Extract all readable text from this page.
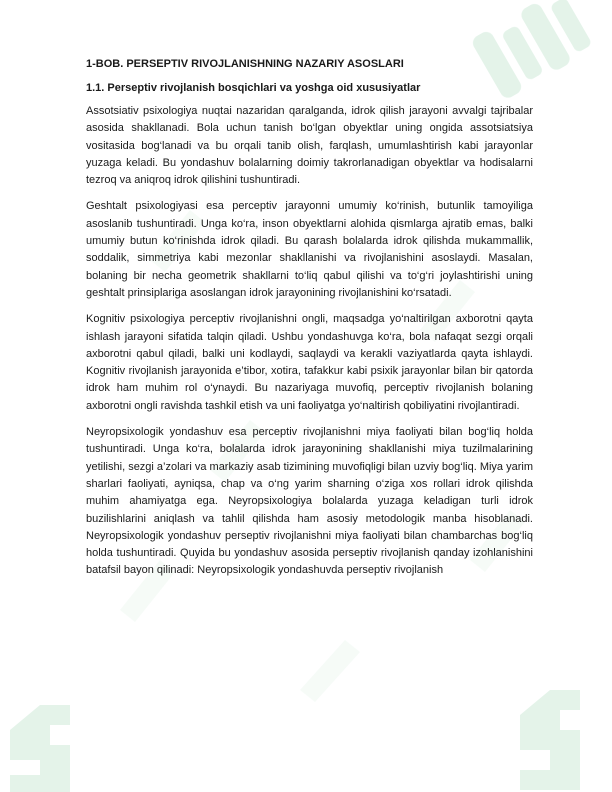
1-BOB. PERSEPTIV RIVOJLANISHNING NAZARIY ASOSLARI
1.1. Perseptiv rivojlanish bosqichlari va yoshga oid xususiyatlar

Assotsiativ psixologiya nuqtai nazaridan qaralganda, idrok qilish jarayoni avvalgi tajribalar asosida shakllanadi. Bola uchun tanish bo‘lgan obyektlar uning ongida assotsiatsiya vositasida bog‘lanadi va bu orqali tanib olish, farqlash, umumlashtirish kabi jarayonlar yuzaga keladi. Bu yondashuv bolalarning doimiy takrorlanadigan obyektlar va hodisalarni tezroq va aniqroq idrok qilishini tushuntiradi.

Geshtalt psixologiyasi esa perceptiv jarayonni umumiy ko‘rinish, butunlik tamoyiliga asoslanib tushuntiradi. Unga ko‘ra, inson obyektlarni alohida qismlarga ajratib emas, balki umumiy butun ko‘rinishda idrok qiladi. Bu qarash bolalarda idrok qilishda mukammallik, soddalik, simmetriya kabi mezonlar shakllanishi va rivojlanishini asoslaydi. Masalan, bolaning bir necha geometrik shakllarni to‘liq qabul qilishi va to‘g‘ri joylashtirishi uning geshtalt prinsiplariga asoslangan idrok jarayonining rivojlanishini ko‘rsatadi.

Kognitiv psixologiya perceptiv rivojlanishni ongli, maqsadga yo‘naltirilgan axborotni qayta ishlash jarayoni sifatida talqin qiladi. Ushbu yondashuvga ko‘ra, bola nafaqat sezgi orqali axborotni qabul qiladi, balki uni kodlaydi, saqlaydi va kerakli vaziyatlarda qayta ishlaydi. Kognitiv rivojlanish jarayonida e’tibor, xotira, tafakkur kabi psixik jarayonlar bilan bir qatorda idrok ham muhim rol o‘ynaydi. Bu nazariyaga muvofiq, perceptiv rivojlanish bolaning axborotni ongli ravishda tashkil etish va uni faoliyatga yo‘naltirish qobiliyatini rivojlantiradi.

Neyropsixologik yondashuv esa perceptiv rivojlanishni miya faoliyati bilan bog‘liq holda tushuntiradi. Unga ko‘ra, bolalarda idrok jarayonining shakllanishi miya tuzilmalarining yetilishi, sezgi a’zolari va markaziy asab tizimining muvofiqligi bilan uzviy bog‘liq. Miya yarim sharlari faoliyati, ayniqsa, chap va o‘ng yarim sharning o‘ziga xos rollari idrok qilishda muhim ahamiyatga ega. Neyropsixologiya bolalarda yuzaga keladigan turli idrok buzilishlarini aniqlash va tahlil qilishda ham asosiy metodologik manba hisoblanadi. Neyropsixologik yondashuv perseptiv rivojlanishni miya faoliyati bilan chambarchas bog‘liq holda tushuntiradi. Quyida bu yondashuv asosida perseptiv rivojlanish qanday izohlanishini batafsil bayon qilinadi: Neyropsixologik yondashuvda perseptiv rivojlanish
